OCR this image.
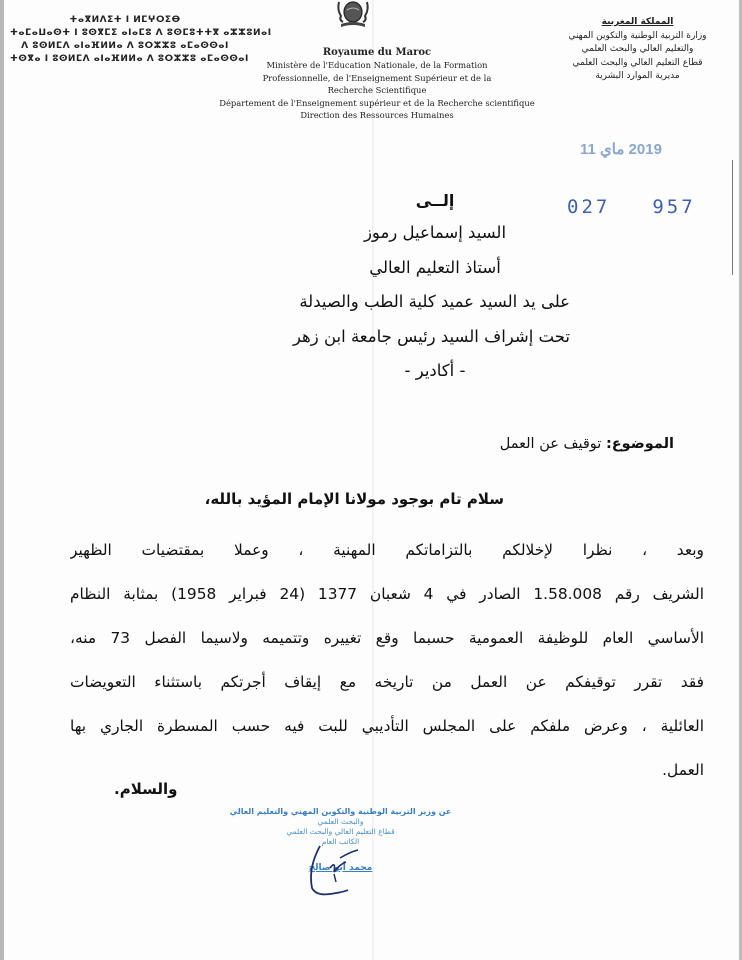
ⵜⴰⴳⵍⴷⵉⵜ ⵏ ⵍⵎⵖⵔⵉⴱ
ⵜⴰⵎⴰⵡⴰⵙⵜ ⵏ ⵓⵙⴳⵎⵉ ⴰⵏⴰⵎⵓ ⴷ ⵓⵙⵎⵓⵜⵜⴳ ⴰⵣⵣⵓⵍⴰⵏ
ⴷ ⵓⵙⵍⵎⴷ ⴰⵏⴰⴼⵍⵍⴰ ⴷ ⵓⵔⵣⵣⵓ ⴰⵎⴰⵙⵙⴰⵏ
ⵜⵙⴳⴰ ⵏ ⵓⵙⵍⵎⴷ ⴰⵏⴰⴼⵍⵍⴰ ⴷ ⵓⵔⵣⵣⵓ ⴰⵎⴰⵙⵙⴰⵏ
Royaume du Maroc
Ministère de l'Education Nationale, de la Formation
Professionnelle, de l'Enseignement Supérieur et de la
Recherche Scientifique
Département de l'Enseignement supérieur et de la Recherche scientifique
Direction des Ressources Humaines
المملكة المغربية
وزارة التربية الوطنية والتكوين المهني
والتعليم العالي والبحث العلمي
قطاع التعليم العالي والبحث العلمي
مديرية الموارد البشرية
2019 ماي 11
027 957
إلــى
السيد إسماعيل رموز
أستاذ التعليم العالي
على يد السيد عميد كلية الطب والصيدلة
تحت إشراف السيد رئيس جامعة ابن زهر
- أكادير -
الموضوع: توقيف عن العمل
سلام تام بوجود مولانا الإمام المؤيد بالله،
وبعد ، نظرا لإخلالكم بالتزاماتكم المهنية ، وعملا بمقتضيات الظهير
الشريف رقم 1.58.008 الصادر في 4 شعبان 1377 (24 فبراير 1958) بمثابة النظام
الأساسي العام للوظيفة العمومية حسبما وقع تغييره وتتميمه ولاسيما الفصل 73 منه،
فقد تقرر توقيفكم عن العمل من تاريخه مع إيقاف أجرتكم باستثناء التعويضات
العائلية ، وعرض ملفكم على المجلس التأديبي للبت فيه حسب المسطرة الجاري بها
العمل.
والسلام.
عن وزير التربية الوطنية والتكوين المهني والتعليم العالي
والبحث العلمي
قطاع التعليم العالي والبحث العلمي
الكاتب العام
محمد أبو صالح
